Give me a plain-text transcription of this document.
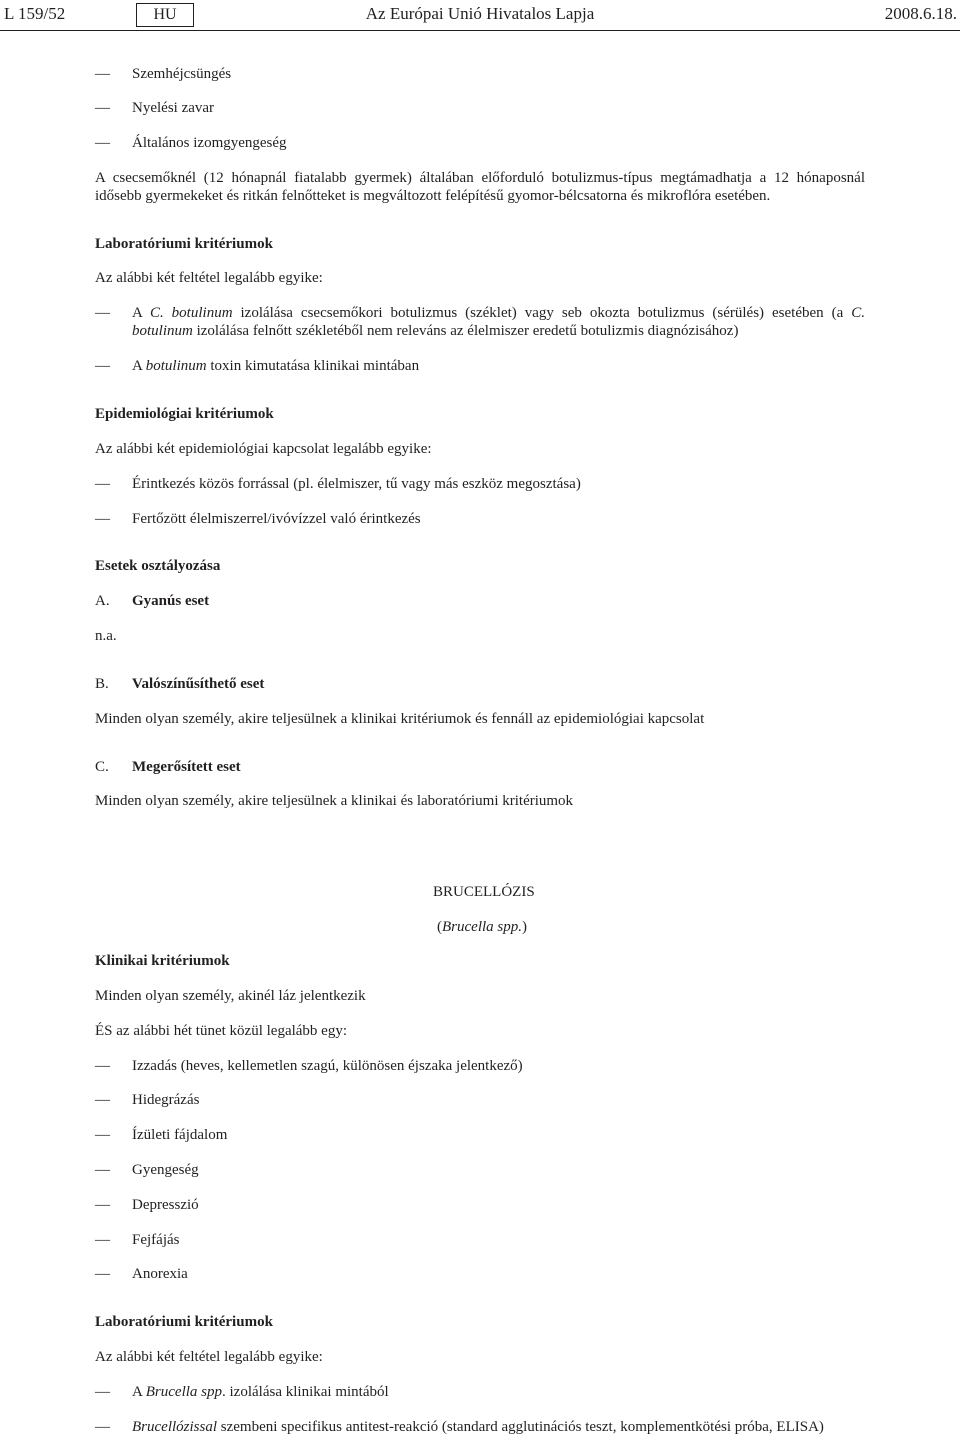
L 159/52	HU	Az Európai Unió Hivatalos Lapja	2008.6.18.
— Szemhéjcsüngés
— Nyelési zavar
— Általános izomgyengeség
A csecsemőknél (12 hónapnál fiatalabb gyermek) általában előforduló botulizmus-típus megtámadhatja a 12 hónaposnál
idősebb gyermekeket és ritkán felnőtteket is megváltozott felépítésű gyomor-bélcsatorna és mikroflóra esetében.
Laboratóriumi kritériumok
Az alábbi két feltétel legalább egyike:
— A C. botulinum izolálása csecsemőkori botulizmus (széklet) vagy seb okozta botulizmus (sérülés) esetében (a C.
botulinum izolálása felnőtt székletéből nem releváns az élelmiszer eredetű botulizmis diagnózisához)
— A botulinum toxin kimutatása klinikai mintában
Epidemiológiai kritériumok
Az alábbi két epidemiológiai kapcsolat legalább egyike:
— Érintkezés közös forrással (pl. élelmiszer, tű vagy más eszköz megosztása)
— Fertőzött élelmiszerrel/ivóvízzel való érintkezés
Esetek osztályozása
A. Gyanús eset
n.a.
B. Valószínűsíthető eset
Minden olyan személy, akire teljesülnek a klinikai kritériumok és fennáll az epidemiológiai kapcsolat
C. Megerősített eset
Minden olyan személy, akire teljesülnek a klinikai és laboratóriumi kritériumok
BRUCELLÓZIS
(Brucella spp.)
Klinikai kritériumok
Minden olyan személy, akinél láz jelentkezik
ÉS az alábbi hét tünet közül legalább egy:
— Izzadás (heves, kellemetlen szagú, különösen éjszaka jelentkező)
— Hidegrázás
— Ízületi fájdalom
— Gyengeség
— Depresszió
— Fejfájás
— Anorexia
Laboratóriumi kritériumok
Az alábbi két feltétel legalább egyike:
— A Brucella spp. izolálása klinikai mintából
— Brucellózissal szembeni specifikus antitest-reakció (standard agglutinációs teszt, komplementkötési próba, ELISA)
